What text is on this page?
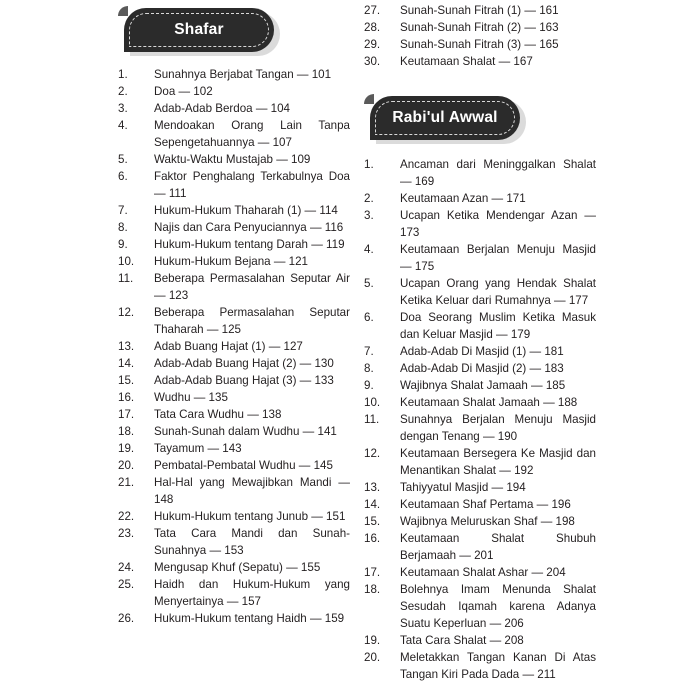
Shafar
1.	Sunahnya Berjabat Tangan — 101
2.	Doa — 102
3.	Adab-Adab Berdoa — 104
4.	Mendoakan Orang Lain Tanpa Sepengetahuannya — 107
5.	Waktu-Waktu Mustajab — 109
6.	Faktor Penghalang Terkabulnya Doa — 111
7.	Hukum-Hukum Thaharah (1) — 114
8.	Najis dan Cara Penyuciannya — 116
9.	Hukum-Hukum tentang Darah — 119
10.	Hukum-Hukum Bejana — 121
11.	Beberapa Permasalahan Seputar Air — 123
12.	Beberapa Permasalahan Seputar Thaharah — 125
13.	Adab Buang Hajat (1) — 127
14.	Adab-Adab Buang Hajat (2) — 130
15.	Adab-Adab Buang Hajat (3) — 133
16.	Wudhu — 135
17.	Tata Cara Wudhu — 138
18.	Sunah-Sunah dalam Wudhu — 141
19.	Tayamum — 143
20.	Pembatal-Pembatal Wudhu — 145
21.	Hal-Hal yang Mewajibkan Mandi — 148
22.	Hukum-Hukum tentang Junub — 151
23.	Tata Cara Mandi dan Sunah-Sunahnya — 153
24.	Mengusap Khuf (Sepatu) — 155
25.	Haidh dan Hukum-Hukum yang Menyertainya — 157
26.	Hukum-Hukum tentang Haidh — 159
27.	Sunah-Sunah Fitrah (1) — 161
28.	Sunah-Sunah Fitrah (2) — 163
29.	Sunah-Sunah Fitrah (3) — 165
30.	Keutamaan Shalat — 167
Rabi'ul Awwal
1.	Ancaman dari Meninggalkan Shalat — 169
2.	Keutamaan Azan — 171
3.	Ucapan Ketika Mendengar Azan — 173
4.	Keutamaan Berjalan Menuju Masjid — 175
5.	Ucapan Orang yang Hendak Shalat Ketika Keluar dari Rumahnya — 177
6.	Doa Seorang Muslim Ketika Masuk dan Keluar Masjid — 179
7.	Adab-Adab Di Masjid (1) — 181
8.	Adab-Adab Di Masjid (2) — 183
9.	Wajibnya Shalat Jamaah — 185
10.	Keutamaan Shalat Jamaah — 188
11.	Sunahnya Berjalan Menuju Masjid dengan Tenang — 190
12.	Keutamaan Bersegera Ke Masjid dan Menantikan Shalat — 192
13.	Tahiyyatul Masjid — 194
14.	Keutamaan Shaf Pertama — 196
15.	Wajibnya Meluruskan Shaf — 198
16.	Keutamaan Shalat Shubuh Berjamaah — 201
17.	Keutamaan Shalat Ashar — 204
18.	Bolehnya Imam Menunda Shalat Sesudah Iqamah karena Adanya Suatu Keperluan — 206
19.	Tata Cara Shalat — 208
20.	Meletakkan Tangan Kanan Di Atas Tangan Kiri Pada Dada — 211
